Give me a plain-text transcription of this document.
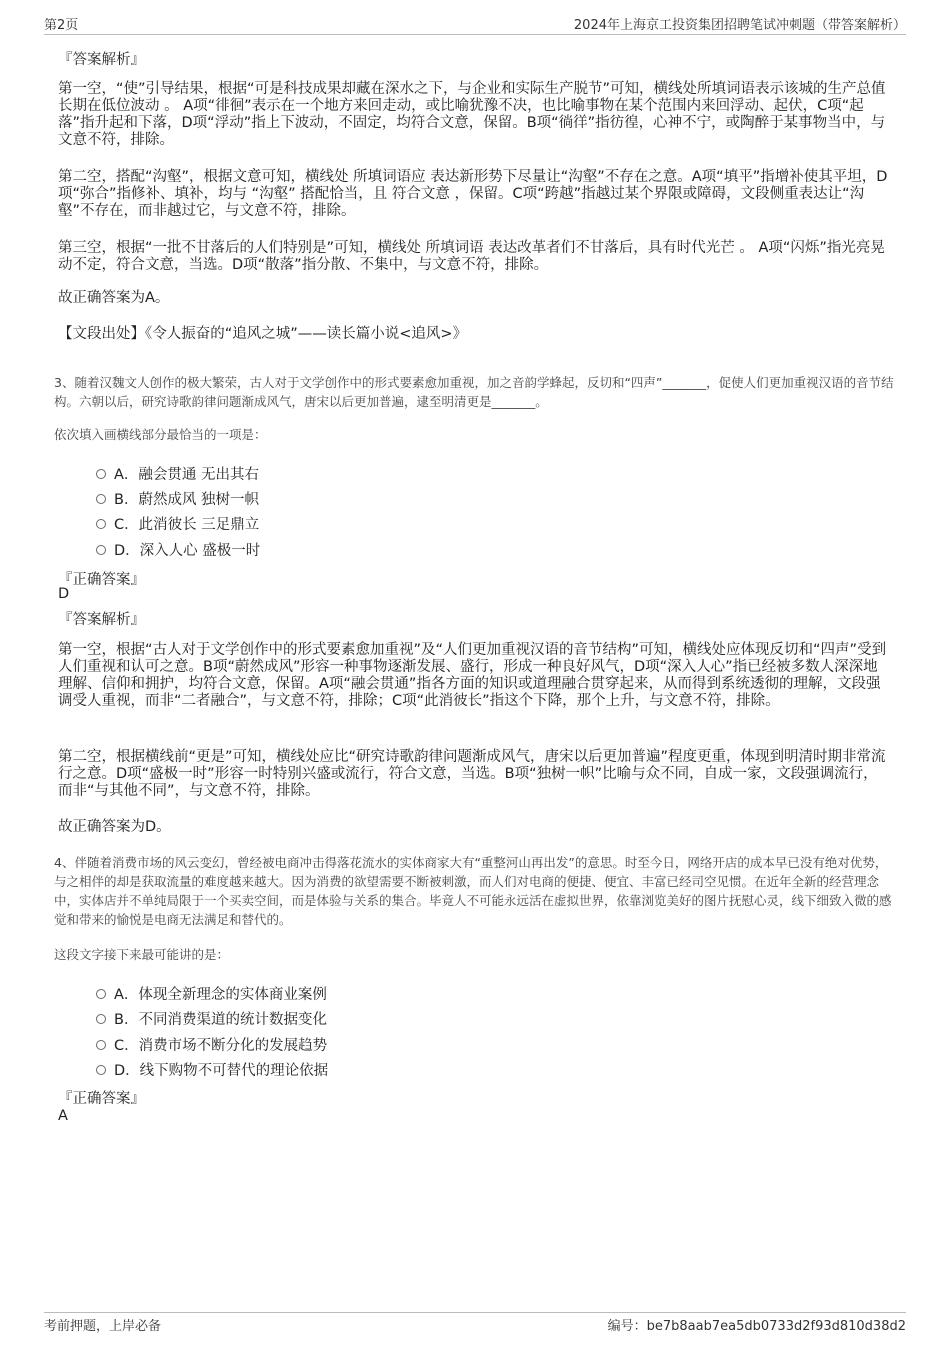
第2页	2024年上海京工投资集团招聘笔试冲刺题（带答案解析）
『答案解析』

第一空，“使”引导结果，根据“可是科技成果却藏在深水之下，与企业和实际生产脱节”可知，横线处所填词语表示该城的生产总值长期在低位波动 。 A项“徘徊”表示在一个地方来回走动，或比喻犹豫不决，也比喻事物在某个范围内来回浮动、起伏，C项“起落”指升起和下落，D项“浮动”指上下波动，不固定，均符合文意，保留。B项“徜徉”指彷徨，心神不宁，或陶醉于某事物当中，与文意不符，排除。

第二空，搭配“沟壑”，根据文意可知，横线处 所填词语应 表达新形势下尽量让“沟壑”不存在之意。A项“填平”指增补使其平坦，D项“弥合”指修补、填补，均与 “沟壑” 搭配恰当，且 符合文意 ，保留。C项“跨越”指越过某个界限或障碍，文段侧重表达让“沟壑”不存在，而非越过它，与文意不符，排除。

第三空，根据“一批不甘落后的人们特别是”可知，横线处 所填词语 表达改革者们不甘落后，具有时代光芒 。 A项“闪烁”指光亮晃动不定，符合文意，当选。D项“散落”指分散、不集中，与文意不符，排除。

故正确答案为A。

【文段出处】《令人振奋的“追风之城”——读长篇小说<追风>》

3、随着汉魏文人创作的极大繁荣，古人对于文学创作中的形式要素愈加重视，加之音韵学蜂起，反切和“四声”_______，促使人们更加重视汉语的音节结构。六朝以后，研究诗歌韵律问题渐成风气，唐宋以后更加普遍，逮至明清更是_______。

依次填入画横线部分最恰当的一项是：

A．融会贯通 无出其右
B．蔚然成风 独树一帜
C．此消彼长 三足鼎立
D．深入人心 盛极一时
『正确答案』
D
『答案解析』

第一空，根据“古人对于文学创作中的形式要素愈加重视”及“人们更加重视汉语的音节结构”可知，横线处应体现反切和“四声”受到人们重视和认可之意。B项“蔚然成风”形容一种事物逐渐发展、盛行，形成一种良好风气，D项“深入人心”指已经被多数人深深地理解、信仰和拥护，均符合文意，保留。A项“融会贯通”指各方面的知识或道理融合贯穿起来，从而得到系统透彻的理解，文段强调受人重视，而非“二者融合”，与文意不符，排除；C项“此消彼长”指这个下降，那个上升，与文意不符，排除。

第二空，根据横线前“更是”可知，横线处应比“研究诗歌韵律问题渐成风气，唐宋以后更加普遍”程度更重，体现到明清时期非常流行之意。D项“盛极一时”形容一时特别兴盛或流行，符合文意，当选。B项“独树一帜”比喻与众不同，自成一家，文段强调流行，而非“与其他不同”，与文意不符，排除。

故正确答案为D。

4、伴随着消费市场的风云变幻，曾经被电商冲击得落花流水的实体商家大有“重整河山再出发”的意思。时至今日，网络开店的成本早已没有绝对优势，与之相伴的却是获取流量的难度越来越大。因为消费的欲望需要不断被刺激，而人们对电商的便捷、便宜、丰富已经司空见惯。在近年全新的经营理念中，实体店并不单纯局限于一个买卖空间，而是体验与关系的集合。毕竟人不可能永远活在虚拟世界，依靠浏览美好的图片抚慰心灵，线下细致入微的感觉和带来的愉悦是电商无法满足和替代的。

这段文字接下来最可能讲的是：

A．体现全新理念的实体商业案例
B．不同消费渠道的统计数据变化
C．消费市场不断分化的发展趋势
D．线下购物不可替代的理论依据
『正确答案』
A
考前押题，上岸必备	编号：be7b8aab7ea5db0733d2f93d810d38d2
